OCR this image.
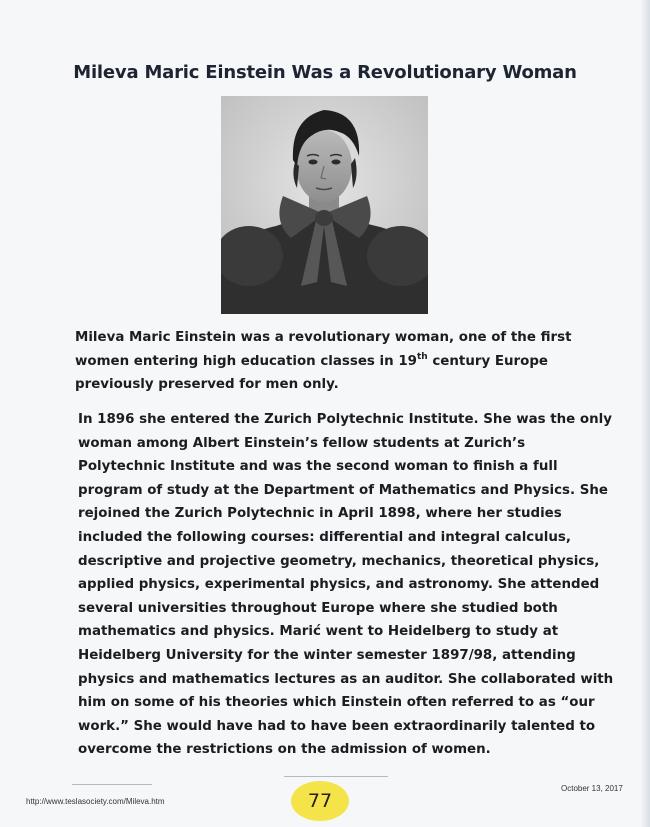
Mileva Maric Einstein Was a Revolutionary Woman
Mileva Maric Einstein was a revolutionary woman, one of the first
women entering high education classes in 19th century Europe
previously preserved for men only.
In 1896 she entered the Zurich Polytechnic Institute. She was the only
woman among Albert Einstein’s fellow students at Zurich’s
Polytechnic Institute and was the second woman to finish a full
program of study at the Department of Mathematics and Physics. She
rejoined the Zurich Polytechnic in April 1898, where her studies
included the following courses: differential and integral calculus,
descriptive and projective geometry, mechanics, theoretical physics,
applied physics, experimental physics, and astronomy. She attended
several universities throughout Europe where she studied both
mathematics and physics. Marić went to Heidelberg to study at
Heidelberg University for the winter semester 1897/98, attending
physics and mathematics lectures as an auditor. She collaborated with
him on some of his theories which Einstein often referred to as “our
work.” She would have had to have been extraordinarily talented to
overcome the restrictions on the admission of women.
http://www.teslasociety.com/Mileva.htm
October 13, 2017
77
